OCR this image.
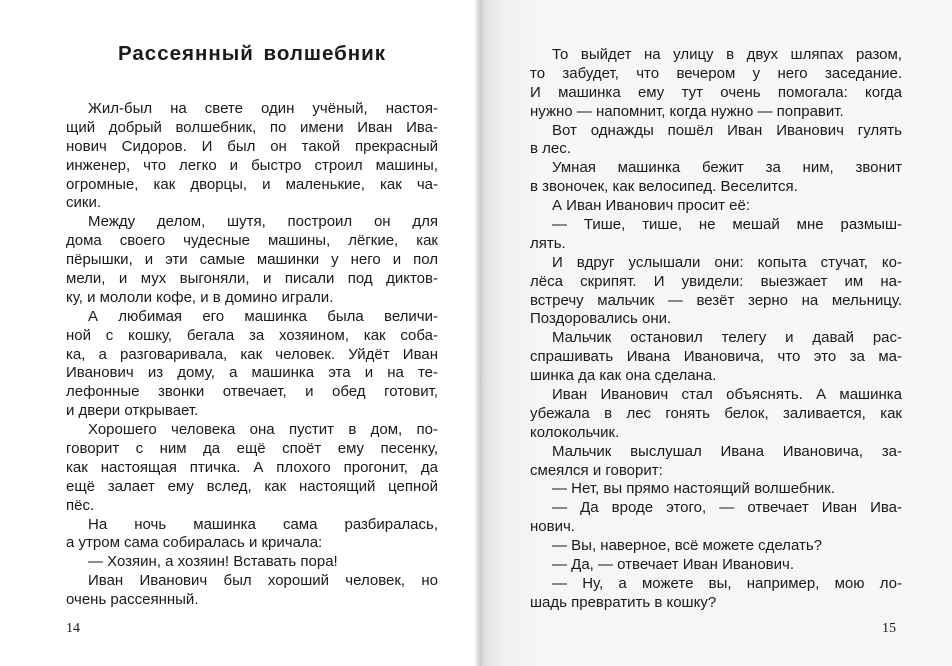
Рассеянный волшебник
Жил-был на свете один учёный, настоя-
щий добрый волшебник, по имени Иван Ива-
нович Сидоров. И был он такой прекрасный
инженер, что легко и быстро строил машины,
огромные, как дворцы, и маленькие, как ча-
сики.
Между делом, шутя, построил он для
дома своего чудесные машины, лёгкие, как
пёрышки, и эти самые машинки у него и пол
мели, и мух выгоняли, и писали под диктов-
ку, и мололи кофе, и в домино играли.
А любимая его машинка была величи-
ной с кошку, бегала за хозяином, как соба-
ка, а разговаривала, как человек. Уйдёт Иван
Иванович из дому, а машинка эта и на те-
лефонные звонки отвечает, и обед готовит,
и двери открывает.
Хорошего человека она пустит в дом, по-
говорит с ним да ещё споёт ему песенку,
как настоящая птичка. А плохого прогонит, да
ещё залает ему вслед, как настоящий цепной
пёс.
На ночь машинка сама разбиралась,
а утром сама собиралась и кричала:
— Хозяин, а хозяин! Вставать пора!
Иван Иванович был хороший человек, но
очень рассеянный.
14
То выйдет на улицу в двух шляпах разом,
то забудет, что вечером у него заседание.
И машинка ему тут очень помогала: когда
нужно — напомнит, когда нужно — поправит.
Вот однажды пошёл Иван Иванович гулять
в лес.
Умная машинка бежит за ним, звонит
в звоночек, как велосипед. Веселится.
А Иван Иванович просит её:
— Тише, тише, не мешай мне размыш-
лять.
И вдруг услышали они: копыта стучат, ко-
лёса скрипят. И увидели: выезжает им на-
встречу мальчик — везёт зерно на мельницу.
Поздоровались они.
Мальчик остановил телегу и давай рас-
спрашивать Ивана Ивановича, что это за ма-
шинка да как она сделана.
Иван Иванович стал объяснять. А машинка
убежала в лес гонять белок, заливается, как
колокольчик.
Мальчик выслушал Ивана Ивановича, за-
смеялся и говорит:
— Нет, вы прямо настоящий волшебник.
— Да вроде этого, — отвечает Иван Ива-
нович.
— Вы, наверное, всё можете сделать?
— Да, — отвечает Иван Иванович.
— Ну, а можете вы, например, мою ло-
шадь превратить в кошку?
15
